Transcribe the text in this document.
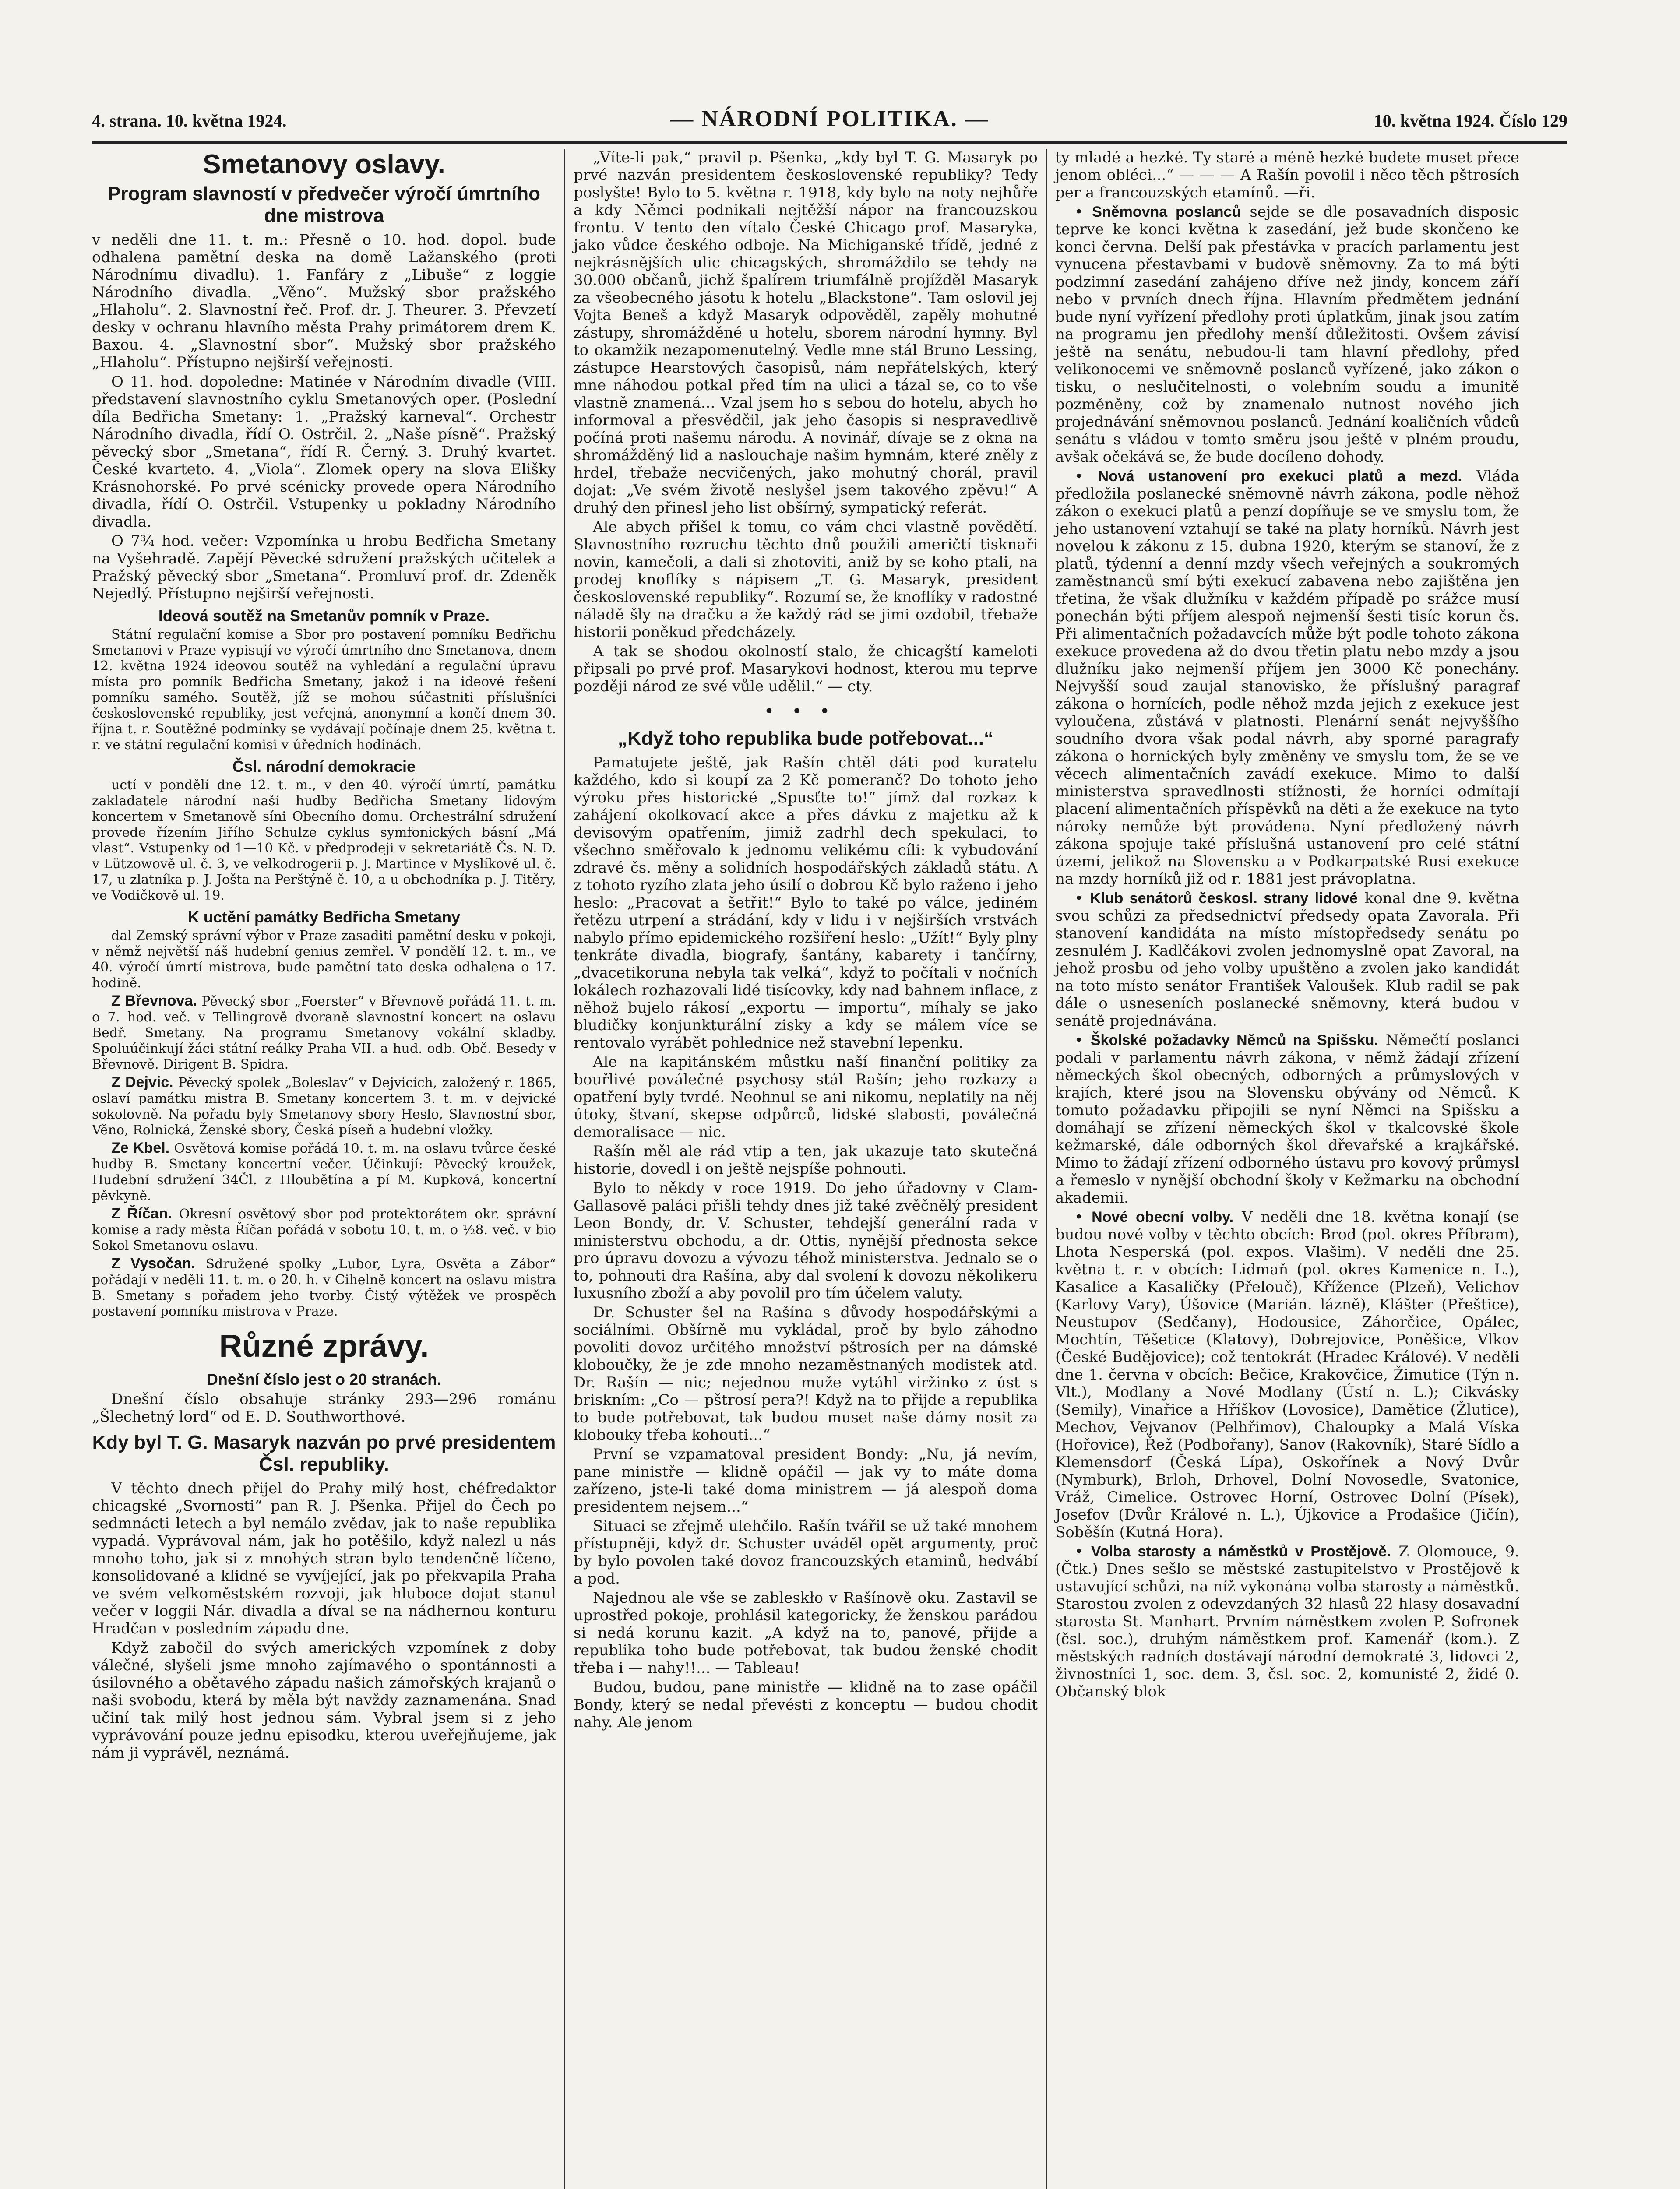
4. strana. 10. května 1924.	— NÁRODNÍ POLITIKA. —	10. května 1924. Číslo 129
Smetanovy oslavy.
Program slavností v předvečer výročí úmrtního dne mistrova

v neděli dne 11. t. m.: Přesně o 10. hod. dopol. bude odhalena pamětní deska na domě Lažanského (proti Národnímu divadlu). 1. Fanfáry z „Libuše“ z loggie Národního divadla. „Věno“. Mužský sbor pražského „Hlaholu“. 2. Slavnostní řeč. Prof. dr. J. Theurer. 3. Převzetí desky v ochranu hlavního města Prahy primátorem drem K. Baxou. 4. „Slavnostní sbor“. Mužský sbor pražského „Hlaholu“. Přístupno nejširší veřejnosti.

O 11. hod. dopoledne: Matinée v Národním divadle (VIII. představení slavnostního cyklu Smetanových oper. (Poslední díla Bedřicha Smetany: 1. „Pražský karneval“. Orchestr Národního divadla, řídí O. Ostrčil. 2. „Naše písně“. Pražský pěvecký sbor „Smetana“, řídí R. Černý. 3. Druhý kvartet. České kvarteto. 4. „Viola“. Zlomek opery na slova Elišky Krásnohorské. Po prvé scénicky provede opera Národního divadla, řídí O. Ostrčil. Vstupenky u pokladny Národního divadla.

O 7¾ hod. večer: Vzpomínka u hrobu Bedřicha Smetany na Vyšehradě. Zapějí Pěvecké sdružení pražských učitelek a Pražský pěvecký sbor „Smetana“. Promluví prof. dr. Zdeněk Nejedlý. Přístupno nejširší veřejnosti.

Ideová soutěž na Smetanův pomník v Praze.

Státní regulační komise a Sbor pro postavení pomníku Bedřichu Smetanovi v Praze vypisují ve výročí úmrtního dne Smetanova, dnem 12. května 1924 ideovou soutěž na vyhledání a regulační úpravu místa pro pomník Bedřicha Smetany, jakož i na ideové řešení pomníku samého. Soutěž, jíž se mohou súčastniti příslušníci československé republiky, jest veřejná, anonymní a končí dnem 30. října t. r. Soutěžné podmínky se vydávají počínaje dnem 25. května t. r. ve státní regulační komisi v úředních hodinách.

Čsl. národní demokracie

uctí v pondělí dne 12. t. m., v den 40. výročí úmrtí, památku zakladatele národní naší hudby Bedřicha Smetany lidovým koncertem v Smetanově síni Obecního domu. Orchestrální sdružení provede řízením Jiřího Schulze cyklus symfonických básní „Má vlast“. Vstupenky od 1—10 Kč. v předprodeji v sekretariátě Čs. N. D. v Lützowově ul. č. 3, ve velkodrogerii p. J. Martince v Myslíkově ul. č. 17, u zlatníka p. J. Jošta na Perštýně č. 10, a u obchodníka p. J. Titěry, ve Vodičkově ul. 19.

K uctění památky Bedřicha Smetany

dal Zemský správní výbor v Praze zasaditi pamětní desku v pokoji, v němž největší náš hudební genius zemřel. V pondělí 12. t. m., ve 40. výročí úmrtí mistrova, bude pamětní tato deska odhalena o 17. hodině.

Z Břevnova. Pěvecký sbor „Foerster“ v Břevnově pořádá 11. t. m. o 7. hod. več. v Tellingrově dvoraně slavnostní koncert na oslavu Bedř. Smetany. Na programu Smetanovy vokální skladby. Spoluúčinkují žáci státní reálky Praha VII. a hud. odb. Obč. Besedy v Břevnově. Dirigent B. Spidra.

Z Dejvic. Pěvecký spolek „Boleslav“ v Dejvicích, založený r. 1865, oslaví památku mistra B. Smetany koncertem 3. t. m. v dejvické sokolovně. Na pořadu byly Smetanovy sbory Heslo, Slavnostní sbor, Věno, Rolnická, Ženské sbory, Česká píseň a hudební vložky.

Ze Kbel. Osvětová komise pořádá 10. t. m. na oslavu tvůrce české hudby B. Smetany koncertní večer. Účinkují: Pěvecký kroužek, Hudební sdružení 34Čl. z Hloubětína a pí M. Kupková, koncertní pěvkyně.

Z Říčan. Okresní osvětový sbor pod protektorátem okr. správní komise a rady města Říčan pořádá v sobotu 10. t. m. o ½8. več. v bio Sokol Smetanovu oslavu.

Z Vysočan. Sdružené spolky „Lubor, Lyra, Osvěta a Zábor“ pořádají v neděli 11. t. m. o 20. h. v Cihelně koncert na oslavu mistra B. Smetany s pořadem jeho tvorby. Čistý výtěžek ve prospěch postavení pomníku mistrova v Praze.

Různé zprávy.
Dnešní číslo jest o 20 stranách.

Dnešní číslo obsahuje stránky 293—296 románu „Šlechetný lord“ od E. D. Southworthové.

Kdy byl T. G. Masaryk nazván po prvé presidentem Čsl. republiky.

V těchto dnech přijel do Prahy milý host, chéfredaktor chicagské „Svornosti“ pan R. J. Pšenka. Přijel do Čech po sedmnácti letech a byl nemálo zvědav, jak to naše republika vypadá. Vyprávoval nám, jak ho potěšilo, když nalezl u nás mnoho toho, jak si z mnohých stran bylo tendenčně líčeno, konsolidované a klidné se vyvíjející, jak po překvapila Praha ve svém velkoměstském rozvoji, jak hluboce dojat stanul večer v loggii Nár. divadla a díval se na nádhernou konturu Hradčan v posledním západu dne.

Když zabočil do svých amerických vzpomínek z doby válečné, slyšeli jsme mnoho zajímavého o spontánnosti a úsilovného a obětavého západu našich zámořských krajanů o naši svobodu, která by měla být navždy zaznamenána. Snad učiní tak milý host jednou sám. Vybral jsem si z jeho vyprávování pouze jednu episodku, kterou uveřejňujeme, jak nám ji vyprávěl, neznámá.

„Víte-li pak,“ pravil p. Pšenka, „kdy byl T. G. Masaryk po prvé nazván presidentem československé republiky? Tedy poslyšte! Bylo to 5. května r. 1918, kdy bylo na noty nejhůře a kdy Němci podnikali nejtěžší nápor na francouzskou frontu. V tento den vítalo České Chicago prof. Masaryka, jako vůdce českého odboje. Na Michiganské třídě, jedné z nejkrásnějších ulic chicagských, shromáždilo se tehdy na 30.000 občanů, jichž špalírem triumfálně projížděl Masaryk za všeobecného jásotu k hotelu „Blackstone“. Tam oslovil jej Vojta Beneš a když Masaryk odpověděl, zapěly mohutné zástupy, shromážděné u hotelu, sborem národní hymny. Byl to okamžik nezapomenutelný. Vedle mne stál Bruno Lessing, zástupce Hearstových časopisů, nám nepřátelských, který mne náhodou potkal před tím na ulici a tázal se, co to vše vlastně znamená... Vzal jsem ho s sebou do hotelu, abych ho informoval a přesvědčil, jak jeho časopis si nespravedlivě počíná proti našemu národu. A novinář, dívaje se z okna na shromážděný lid a naslouchaje našim hymnám, které zněly z hrdel, třebaže necvičených, jako mohutný chorál, pravil dojat: „Ve svém životě neslyšel jsem takového zpěvu!“ A druhý den přinesl jeho list obšírný, sympatický referát.

Ale abych přišel k tomu, co vám chci vlastně povědětí. Slavnostního rozruchu těchto dnů použili američtí tisknaři novin, kamečoli, a dali si zhotoviti, aniž by se koho ptali, na prodej knoflíky s nápisem „T. G. Masaryk, president československé republiky“. Rozumí se, že knoflíky v radostné náladě šly na dračku a že každý rád se jimi ozdobil, třebaže historii poněkud předcházely.

A tak se shodou okolností stalo, že chicagští kameloti připsali po prvé prof. Masarykovi hodnost, kterou mu teprve později národ ze své vůle udělil.“ — cty.

•••
„Když toho republika bude potřebovat...“

Pamatujete ještě, jak Rašín chtěl dáti pod kuratelu každého, kdo si koupí za 2 Kč pomeranč? Do tohoto jeho výroku přes historické „Spusťte to!“ jímž dal rozkaz k zahájení okolkovací akce a přes dávku z majetku až k devisovým opatřením, jimiž zadrhl dech spekulaci, to všechno směřovalo k jednomu velikému cíli: k vybudování zdravé čs. měny a solidních hospodářských základů státu. A z tohoto ryzího zlata jeho úsilí o dobrou Kč bylo raženo i jeho heslo: „Pracovat a šetřit!“ Bylo to také po válce, jediném řetězu utrpení a strádání, kdy v lidu i v nejširších vrstvách nabylo přímo epidemického rozšíření heslo: „Užít!“ Byly plny tenkráte divadla, biografy, šantány, kabarety i tančírny, „dvacetikoruna nebyla tak velká“, když to počítali v nočních lokálech rozhazovali lidé tisícovky, kdy nad bahnem inflace, z něhož bujelo rákosí „exportu — importu“, míhaly se jako bludičky konjunkturální zisky a kdy se málem více se rentovalo vyrábět pohlednice než stavební lepenku.

Ale na kapitánském můstku naší finanční politiky za bouřlivé poválečné psychosy stál Rašín; jeho rozkazy a opatření byly tvrdé. Neohnul se ani nikomu, neplatily na něj útoky, štvaní, skepse odpůrců, lidské slabosti, poválečná demoralisace — nic.

Rašín měl ale rád vtip a ten, jak ukazuje tato skutečná historie, dovedl i on ještě nejspíše pohnouti.

Bylo to někdy v roce 1919. Do jeho úřadovny v Clam-Gallasově paláci přišli tehdy dnes již také zvěčnělý president Leon Bondy, dr. V. Schuster, tehdejší generální rada v ministerstvu obchodu, a dr. Ottis, nynější přednosta sekce pro úpravu dovozu a vývozu téhož ministerstva. Jednalo se o to, pohnouti dra Rašína, aby dal svolení k dovozu několikeru luxusního zboží a aby povolil pro tím účelem valuty.

Dr. Schuster šel na Rašína s důvody hospodářskými a sociálními. Obšírně mu vykládal, proč by bylo záhodno povoliti dovoz určitého množství pštrosích per na dámské kloboučky, že je zde mnoho nezaměstnaných modistek atd. Dr. Rašín — nic; nejednou muže vytáhl viržinko z úst s briskním: „Co — pštrosí pera?! Když na to přijde a republika to bude potřebovat, tak budou muset naše dámy nosit za klobouky třeba kohouti...“

První se vzpamatoval president Bondy: „Nu, já nevím, pane ministře — klidně opáčil — jak vy to máte doma zařízeno, jste-li také doma ministrem — já alespoň doma presidentem nejsem...“

Situaci se zřejmě ulehčilo. Rašín tvářil se už také mnohem přístupněji, když dr. Schuster uváděl opět argumenty, proč by bylo povolen také dovoz francouzských etaminů, hedvábí a pod.

Najednou ale vše se zableskło v Rašínově oku. Zastavil se uprostřed pokoje, prohlásil kategoricky, že ženskou parádou si nedá korunu kazit. „A když na to, panové, přijde a republika toho bude potřebovat, tak budou ženské chodit třeba i — nahy!!... — Tableau!

Budou, budou, pane ministře — klidně na to zase opáčil Bondy, který se nedal převésti z konceptu — budou chodit nahy. Ale jenom

ty mladé a hezké. Ty staré a méně hezké budete muset přece jenom obléci...“ — — — A Rašín povolil i něco těch pštrosích per a francouzských etamínů. —ři.

• Sněmovna poslanců sejde se dle posavadních disposic teprve ke konci května k zasedání, jež bude skončeno ke konci června. Delší pak přestávka v pracích parlamentu jest vynucena přestavbami v budově sněmovny. Za to má býti podzimní zasedání zahájeno dříve než jindy, koncem září nebo v prvních dnech října. Hlavním předmětem jednání bude nyní vyřízení předlohy proti úplatkům, jinak jsou zatím na programu jen předlohy menší důležitosti. Ovšem závisí ještě na senátu, nebudou-li tam hlavní předlohy, před velikonocemi ve sněmovně poslanců vyřízené, jako zákon o tisku, o neslučitelnosti, o volebním soudu a imunitě pozměněny, což by znamenalo nutnost nového jich projednávání sněmovnou poslanců. Jednání koaličních vůdců senátu s vládou v tomto směru jsou ještě v plném proudu, avšak očekává se, že bude docíleno dohody.

• Nová ustanovení pro exekuci platů a mezd. Vláda předložila poslanecké sněmovně návrh zákona, podle něhož zákon o exekuci platů a penzí dopíňuje se ve smyslu tom, že jeho ustanovení vztahují se také na platy horníků. Návrh jest novelou k zákonu z 15. dubna 1920, kterým se stanoví, že z platů, týdenní a denní mzdy všech veřejných a soukromých zaměstnanců smí býti exekucí zabavena nebo zajištěna jen třetina, že však dlužníku v každém případě po srážce musí ponechán býti příjem alespoň nejmenší šesti tisíc korun čs. Při alimentačních požadavcích může být podle tohoto zákona exekuce provedena až do dvou třetin platu nebo mzdy a jsou dlužníku jako nejmenší příjem jen 3000 Kč ponechány. Nejvyšší soud zaujal stanovisko, že příslušný paragraf zákona o hornících, podle něhož mzda jejich z exekuce jest vyloučena, zůstává v platnosti. Plenární senát nejvyššího soudního dvora však podal návrh, aby sporné paragrafy zákona o hornických byly změněny ve smyslu tom, že se ve věcech alimentačních zavádí exekuce. Mimo to další ministerstva spravedlnosti stížnosti, že horníci odmítají placení alimentačních příspěvků na děti a že exekuce na tyto nároky nemůže být provádena. Nyní předložený návrh zákona spojuje také příslušná ustanovení pro celé státní území, jelikož na Slovensku a v Podkarpatské Rusi exekuce na mzdy horníků již od r. 1881 jest právoplatna.

• Klub senátorů českosl. strany lidové konal dne 9. května svou schůzi za předsednictví předsedy opata Zavorala. Při stanovení kandidáta na místo místopředsedy senátu po zesnulém J. Kadlčákovi zvolen jednomyslně opat Zavoral, na jehož prosbu od jeho volby upuštěno a zvolen jako kandidát na toto místo senátor František Valoušek. Klub radil se pak dále o usneseních poslanecké sněmovny, která budou v senátě projednávána.

• Školské požadavky Němců na Spišsku. Němečtí poslanci podali v parlamentu návrh zákona, v němž žádají zřízení německých škol obecných, odborných a průmyslových v krajích, které jsou na Slovensku obývány od Němců. K tomuto požadavku připojili se nyní Němci na Spišsku a domáhají se zřízení německých škol v tkalcovské škole kežmarské, dále odborných škol dřevařské a krajkářské. Mimo to žádají zřízení odborného ústavu pro kovový průmysl a řemeslo v nynější obchodní školy v Kežmarku na obchodní akademii.

• Nové obecní volby. V neděli dne 18. května konají (se budou nové volby v těchto obcích: Brod (pol. okres Příbram), Lhota Nesperská (pol. expos. Vlašim). V neděli dne 25. května t. r. v obcích: Lidmaň (pol. okres Kamenice n. L.), Kasalice a Kasaličky (Přelouč), Křížence (Plzeň), Velichov (Karlovy Vary), Úšovice (Marián. lázně), Klášter (Přeštice), Neustupov (Sedčany), Hodousice, Záhorčice, Opálec, Mochtín, Těšetice (Klatovy), Dobrejovice, Poněšice, Vlkov (České Budějovice); což tentokrát (Hradec Králové). V neděli dne 1. června v obcích: Bečice, Krakovčice, Žimutice (Týn n. Vlt.), Modlany a Nové Modlany (Ústí n. L.); Cikvásky (Semily), Vinařice a Hříškov (Lovosice), Damětice (Žlutice), Mechov, Vejvanov (Pelhřimov), Chaloupky a Malá Víska (Hořovice), Řež (Podbořany), Sanov (Rakovník), Staré Sídlo a Klemensdorf (Česká Lípa), Oskořínek a Nový Dvůr (Nymburk), Brloh, Drhovel, Dolní Novosedle, Svatonice, Vráž, Cimelice. Ostrovec Horní, Ostrovec Dolní (Písek), Josefov (Dvůr Králové n. L.), Újkovice a Prodašice (Jičín), Soběšín (Kutná Hora).

• Volba starosty a náměstků v Prostějově. Z Olomouce, 9. (Čtk.) Dnes sešlo se městské zastupitelstvo v Prostějově k ustavující schůzi, na níž vykonána volba starosty a náměstků. Starostou zvolen z odevzdaných 32 hlasů 22 hlasy dosavadní starosta St. Manhart. Prvním náměstkem zvolen P. Sofronek (čsl. soc.), druhým náměstkem prof. Kamenář (kom.). Z městských radních dostávají národní demokraté 3, lidovci 2, živnostníci 1, soc. dem. 3, čsl. soc. 2, komunisté 2, židé 0. Občanský blok
